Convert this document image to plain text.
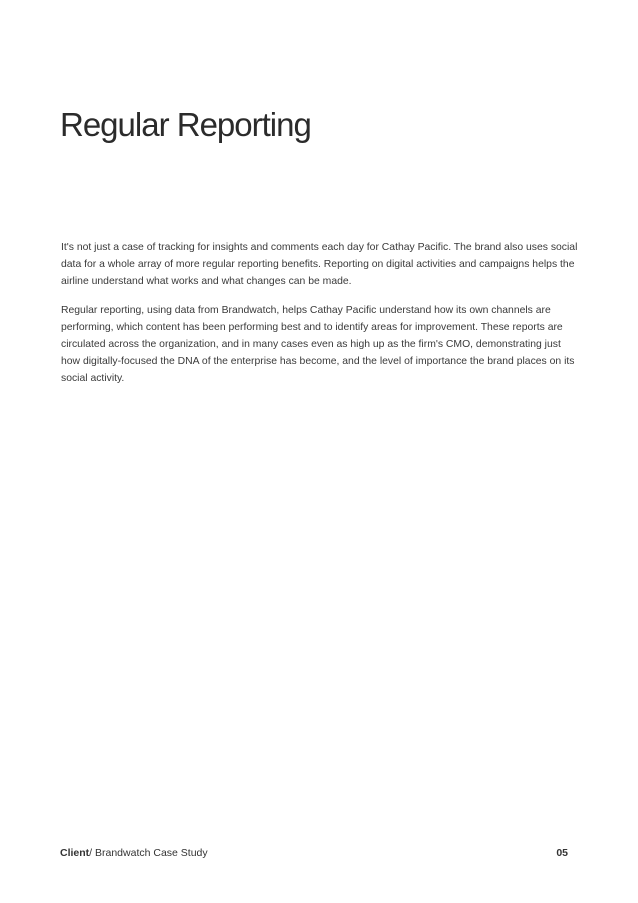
Regular Reporting

It's not just a case of tracking for insights and comments each day for Cathay Pacific. The brand also uses social data for a whole array of more regular reporting benefits. Reporting on digital activities and campaigns helps the airline understand what works and what changes can be made.

Regular reporting, using data from Brandwatch, helps Cathay Pacific understand how its own channels are performing, which content has been performing best and to identify areas for improvement. These reports are circulated across the organization, and in many cases even as high up as the firm's CMO, demonstrating just how digitally-focused the DNA of the enterprise has become, and the level of importance the brand places on its social activity.

Client/ Brandwatch Case Study	05
